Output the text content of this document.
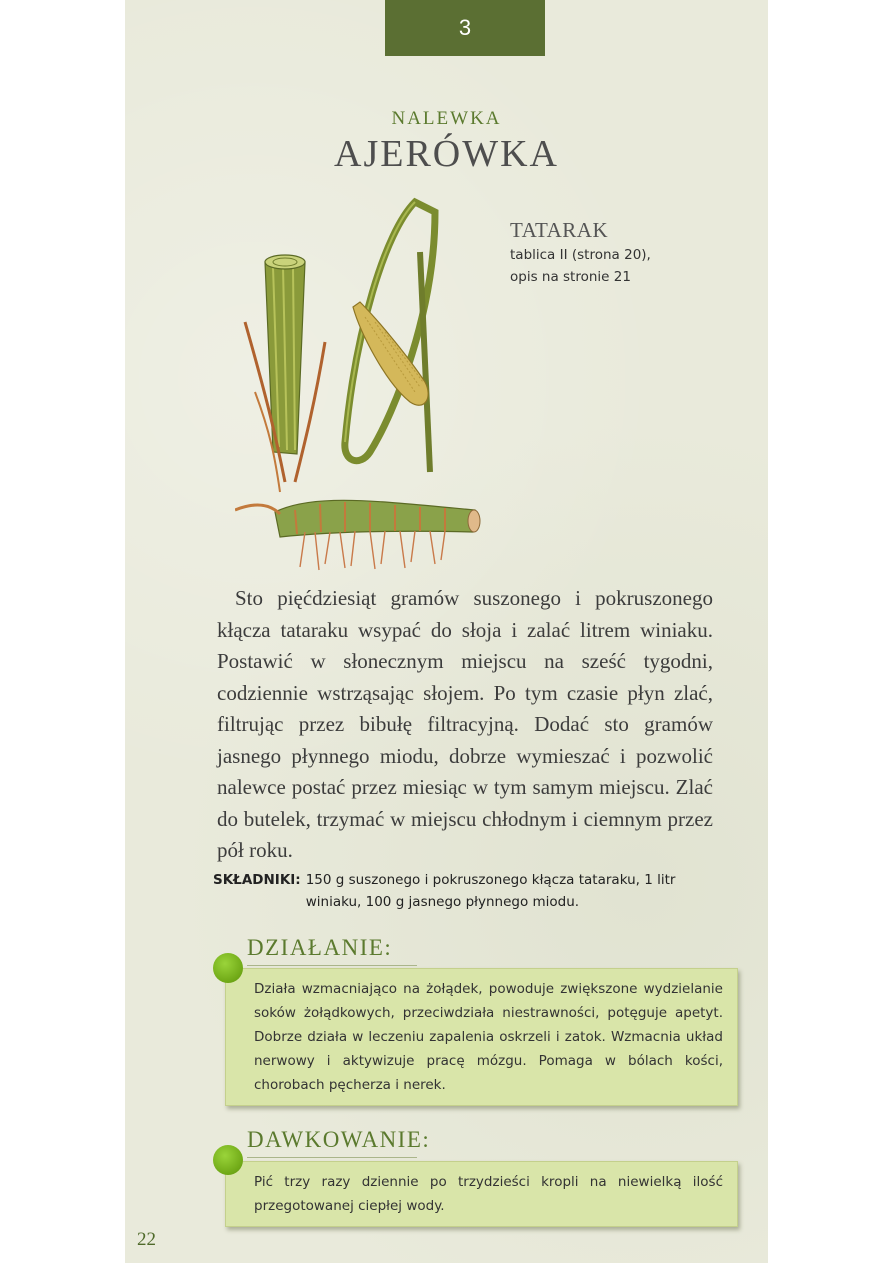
3
NALEWKA
AJERÓWKA
TATARAK
tablica II (strona 20),
opis na stronie 21

Sto pięćdziesiąt gramów suszonego i pokruszonego kłącza tataraku wsypać do słoja i zalać litrem winiaku. Postawić w słonecznym miejscu na sześć tygodni, codziennie wstrząsając słojem. Po tym czasie płyn zlać, filtrując przez bibułę filtracyjną. Dodać sto gramów jasnego płynnego miodu, dobrze wymieszać i pozwolić nalewce postać przez miesiąc w tym samym miejscu. Zlać do butelek, trzymać w miejscu chłodnym i ciemnym przez pół roku.

SKŁADNIKI: 150 g suszonego i pokruszonego kłącza tataraku, 1 litr winiaku, 100 g jasnego płynnego miodu.
DZIAŁANIE:
Działa wzmacniająco na żołądek, powoduje zwiększone wydzielanie soków żołądkowych, przeciwdziała niestrawności, potęguje apetyt. Dobrze działa w leczeniu zapalenia oskrzeli i zatok. Wzmacnia układ nerwowy i aktywizuje pracę mózgu. Pomaga w bólach kości, chorobach pęcherza i nerek.
DAWKOWANIE:
Pić trzy razy dziennie po trzydzieści kropli na niewielką ilość przegotowanej ciepłej wody.
22
